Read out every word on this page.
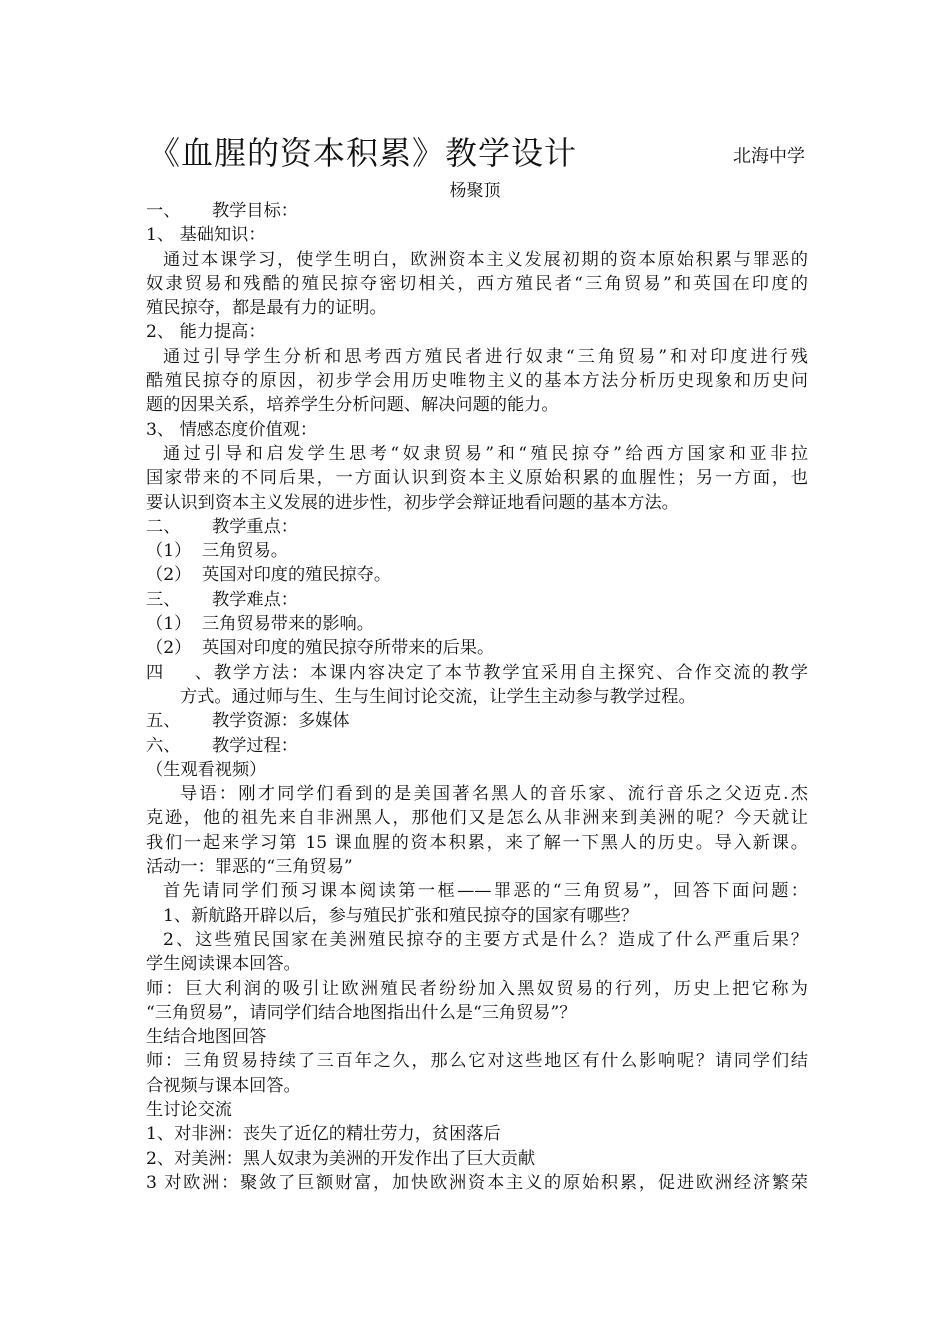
《血腥的资本积累》教学设计	北海中学
杨聚顶
一、 教学目标：
1、 基础知识：
通过本课学习，使学生明白，欧洲资本主义发展初期的资本原始积累与罪恶的
奴隶贸易和残酷的殖民掠夺密切相关，西方殖民者“三角贸易”和英国在印度的
殖民掠夺，都是最有力的证明。
2、 能力提高：
通过引导学生分析和思考西方殖民者进行奴隶“三角贸易”和对印度进行残
酷殖民掠夺的原因，初步学会用历史唯物主义的基本方法分析历史现象和历史问
题的因果关系，培养学生分析问题、解决问题的能力。
3、 情感态度价值观：
通过引导和启发学生思考“奴隶贸易”和“殖民掠夺”给西方国家和亚非拉
国家带来的不同后果，一方面认识到资本主义原始积累的血腥性；另一方面，也
要认识到资本主义发展的进步性，初步学会辩证地看问题的基本方法。
二、 教学重点：
（1） 三角贸易。
（2） 英国对印度的殖民掠夺。
三、 教学难点：
（1） 三角贸易带来的影响。
（2） 英国对印度的殖民掠夺所带来的后果。
四、教学方法：本课内容决定了本节教学宜采用自主探究、合作交流的教学
方式。通过师与生、生与生间讨论交流，让学生主动参与教学过程。
五、 教学资源：多媒体
六、 教学过程：
（生观看视频）
导语：刚才同学们看到的是美国著名黑人的音乐家、流行音乐之父迈克.杰
克逊，他的祖先来自非洲黑人，那他们又是怎么从非洲来到美洲的呢？今天就让
我们一起来学习第 15 课血腥的资本积累，来了解一下黑人的历史。导入新课。
活动一：罪恶的“三角贸易”
首先请同学们预习课本阅读第一框——罪恶的“三角贸易”，回答下面问题：
1、新航路开辟以后，参与殖民扩张和殖民掠夺的国家有哪些？
2、这些殖民国家在美洲殖民掠夺的主要方式是什么？造成了什么严重后果？
学生阅读课本回答。
师：巨大利润的吸引让欧洲殖民者纷纷加入黑奴贸易的行列，历史上把它称为
“三角贸易”，请同学们结合地图指出什么是“三角贸易”？
生结合地图回答
师：三角贸易持续了三百年之久，那么它对这些地区有什么影响呢？请同学们结
合视频与课本回答。
生讨论交流
1、对非洲：丧失了近亿的精壮劳力，贫困落后
2、对美洲：黑人奴隶为美洲的开发作出了巨大贡献
3 对欧洲：聚敛了巨额财富，加快欧洲资本主义的原始积累，促进欧洲经济繁荣
